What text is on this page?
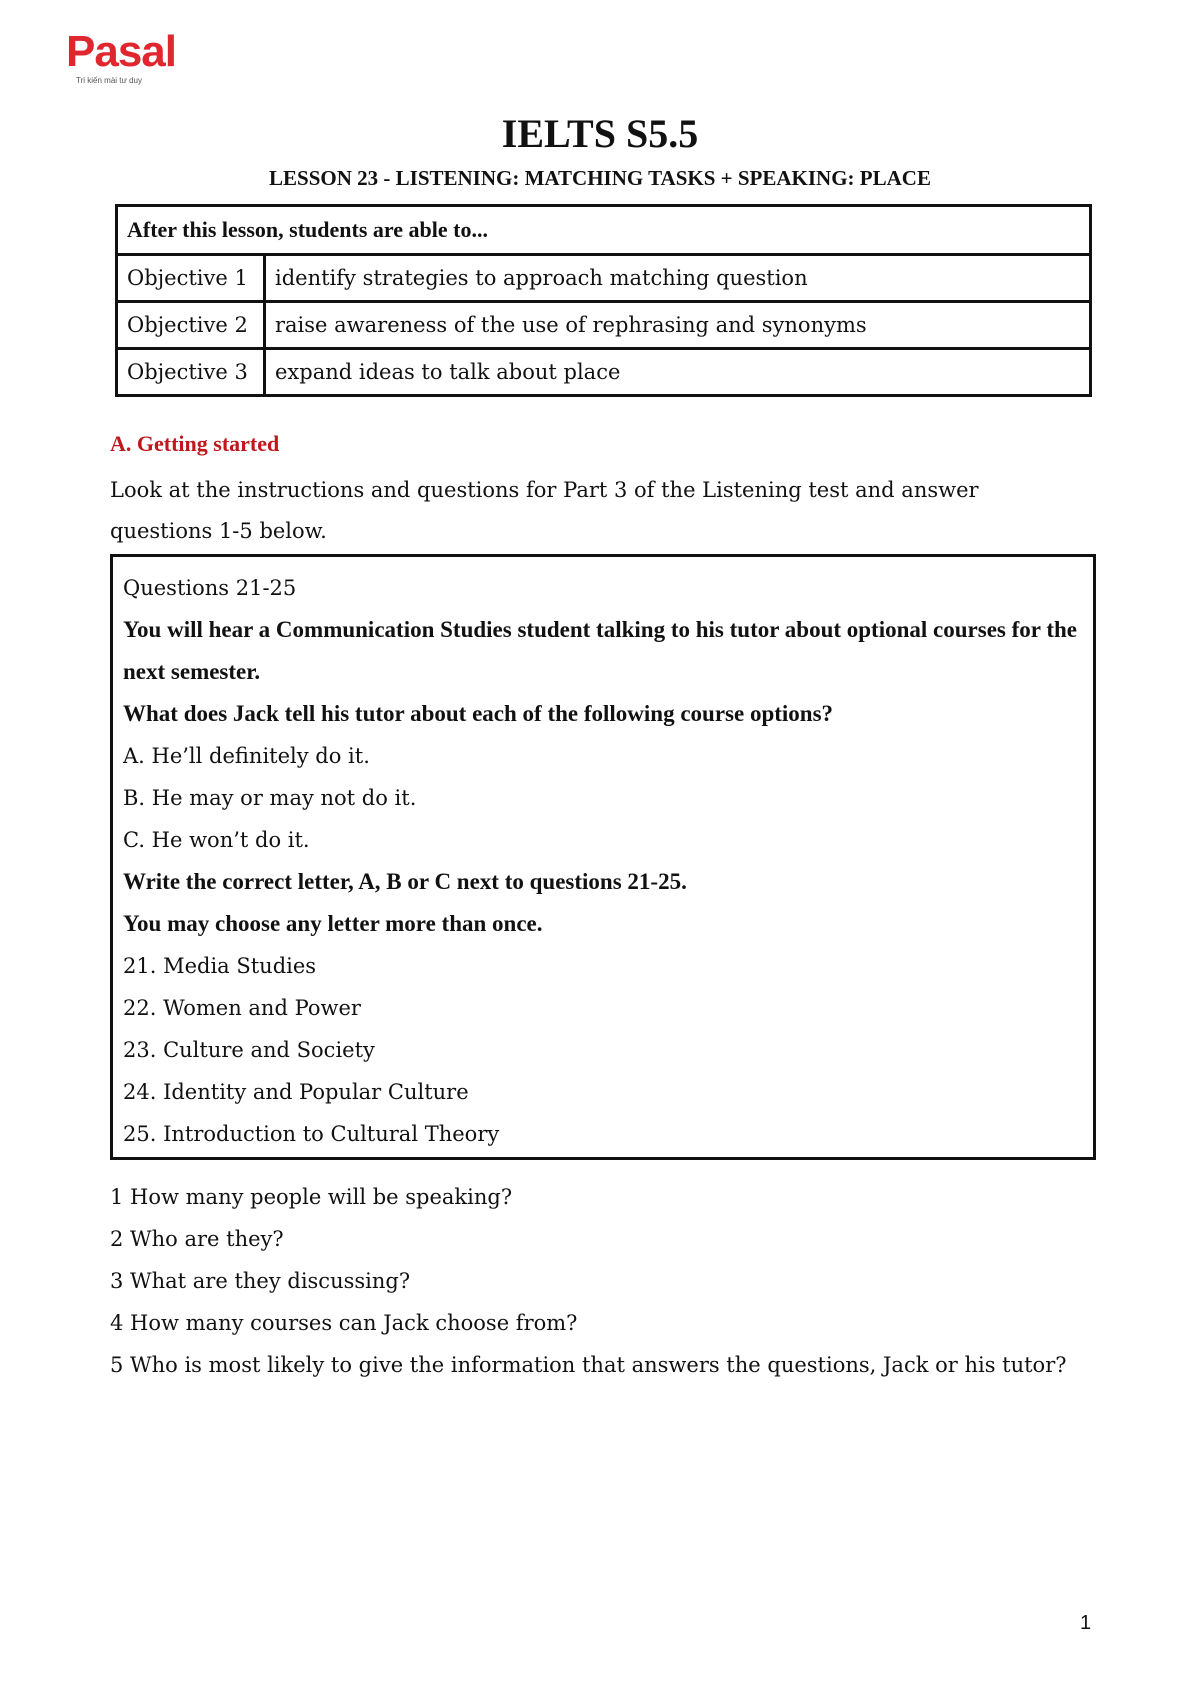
Pasal
Tri kiến mài tư duy
IELTS S5.5
LESSON 23 - LISTENING: MATCHING TASKS + SPEAKING: PLACE
After this lesson, students are able to...	
Objective 1	identify strategies to approach matching question
Objective 2	raise awareness of the use of rephrasing and synonyms
Objective 3	expand ideas to talk about place
A. Getting started
Look at the instructions and questions for Part 3 of the Listening test and answer questions 1-5 below.
Questions 21-25
You will hear a Communication Studies student talking to his tutor about optional courses for the next semester.
What does Jack tell his tutor about each of the following course options?
A. He’ll definitely do it.
B. He may or may not do it.
C. He won’t do it.
Write the correct letter, A, B or C next to questions 21-25.
You may choose any letter more than once.
21. Media Studies
22. Women and Power
23. Culture and Society
24. Identity and Popular Culture
25. Introduction to Cultural Theory
1 How many people will be speaking?
2 Who are they?
3 What are they discussing?
4 How many courses can Jack choose from?
5 Who is most likely to give the information that answers the questions, Jack or his tutor?
1
